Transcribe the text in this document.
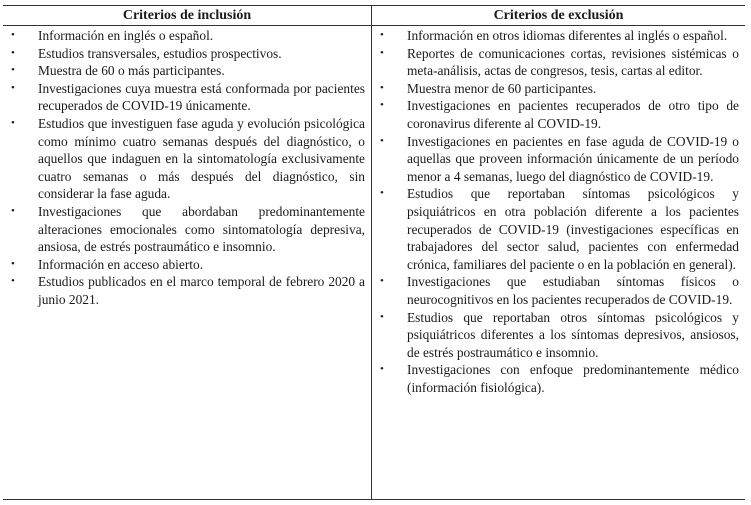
Criterios de inclusión	Criterios de exclusión
• Información en inglés o español.
• Estudios transversales, estudios prospectivos.
• Muestra de 60 o más participantes.
• Investigaciones cuya muestra está conformada por pacientes recuperados de COVID-19 únicamente.
• Estudios que investiguen fase aguda y evolución psicológica como mínimo cuatro semanas después del diagnóstico, o aquellos que indaguen en la sintomatología exclusivamente cuatro semanas o más después del diagnóstico, sin considerar la fase aguda.
• Investigaciones que abordaban predominantemente alteraciones emocionales como sintomatología depresiva, ansiosa, de estrés postraumático e insomnio.
• Información en acceso abierto.
• Estudios publicados en el marco temporal de febrero 2020 a junio 2021.
• Información en otros idiomas diferentes al inglés o español.
• Reportes de comunicaciones cortas, revisiones sistémicas o meta-análisis, actas de congresos, tesis, cartas al editor.
• Muestra menor de 60 participantes.
• Investigaciones en pacientes recuperados de otro tipo de coronavirus diferente al COVID-19.
• Investigaciones en pacientes en fase aguda de COVID-19 o aquellas que proveen información únicamente de un período menor a 4 semanas, luego del diagnóstico de COVID-19.
• Estudios que reportaban síntomas psicológicos y psiquiátricos en otra población diferente a los pacientes recuperados de COVID-19 (investigaciones específicas en trabajadores del sector salud, pacientes con enfermedad crónica, familiares del paciente o en la población en general).
• Investigaciones que estudiaban síntomas físicos o neurocognitivos en los pacientes recuperados de COVID-19.
• Estudios que reportaban otros síntomas psicológicos y psiquiátricos diferentes a los síntomas depresivos, ansiosos, de estrés postraumático e insomnio.
• Investigaciones con enfoque predominantemente médico (información fisiológica).
